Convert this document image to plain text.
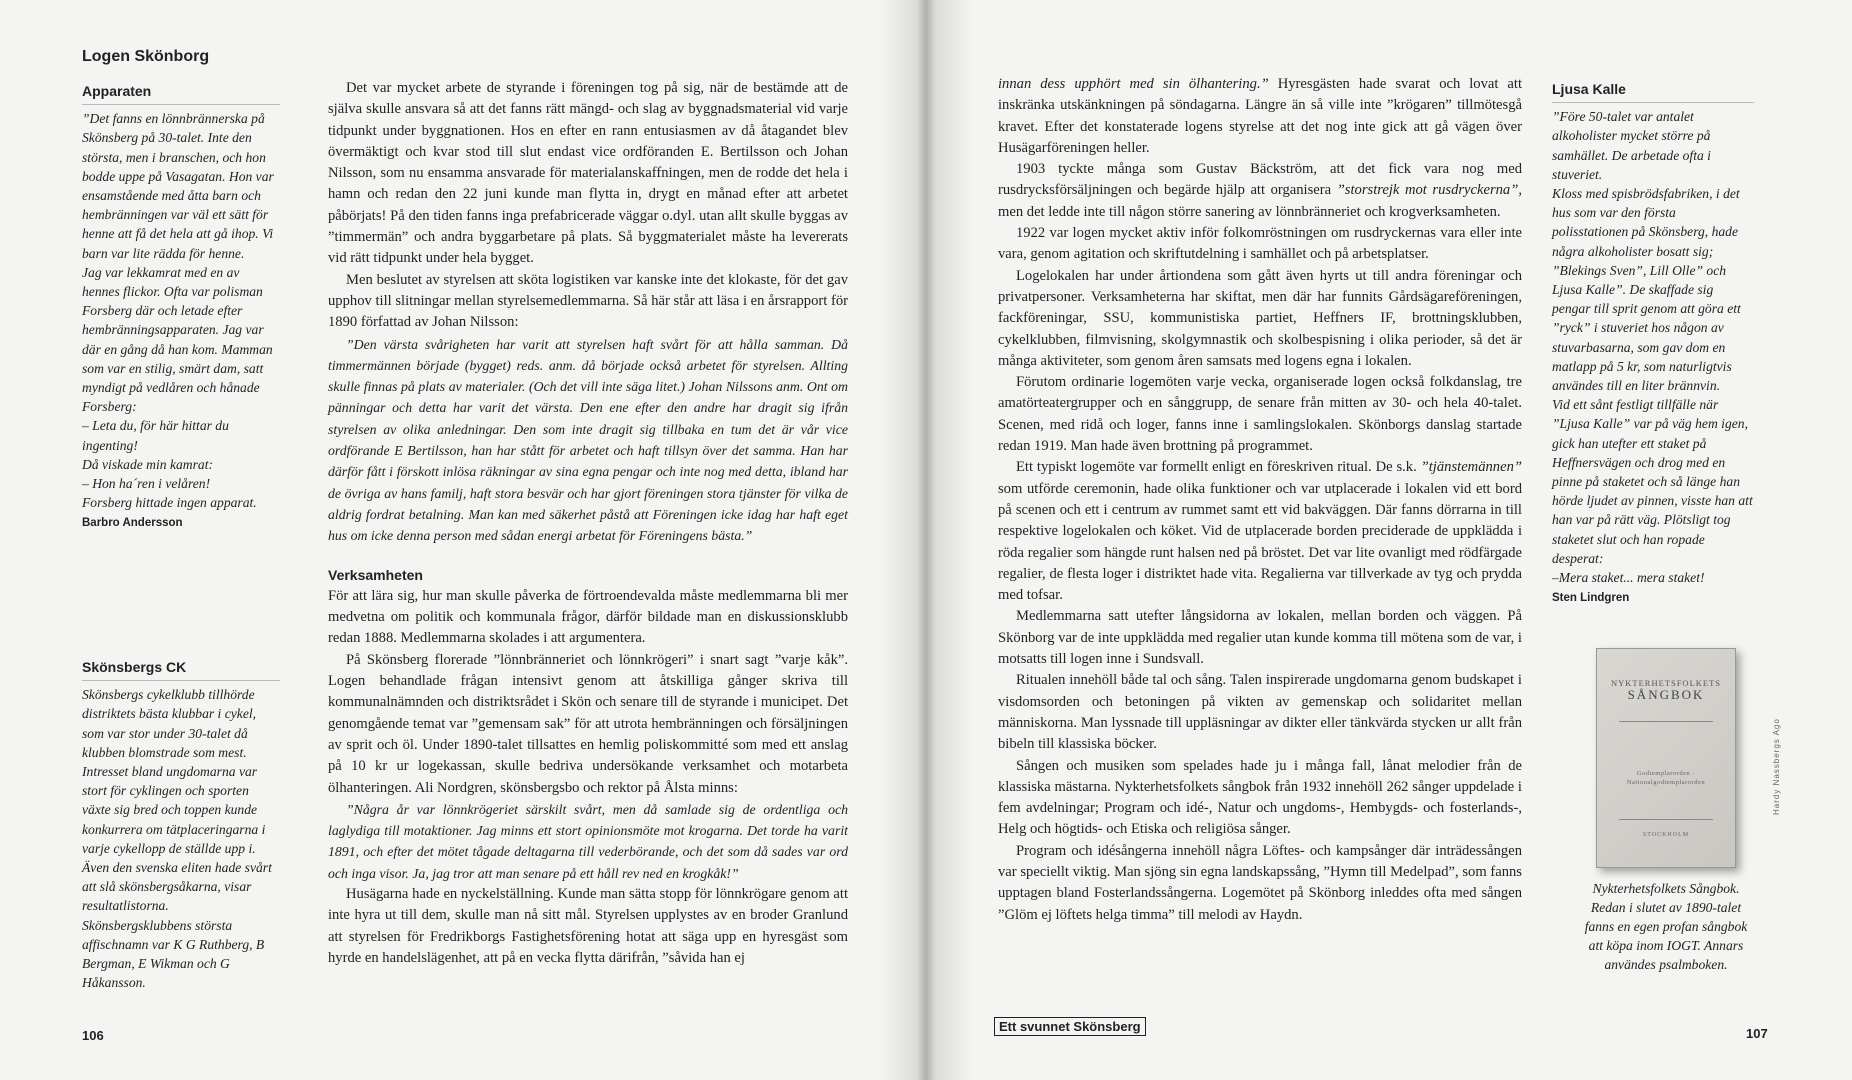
Logen Skönborg
Apparaten

”Det fanns en lönnbrännerska på Skönsberg på 30-talet. Inte den största, men i branschen, och hon bodde uppe på Vasagatan. Hon var ensamstående med åtta barn och hembränningen var väl ett sätt för henne att få det hela att gå ihop. Vi barn var lite rädda för henne.

Jag var lekkamrat med en av hennes flickor. Ofta var polisman Forsberg där och letade efter hembränningsapparaten. Jag var där en gång då han kom. Mamman som var en stilig, smärt dam, satt myndigt på vedlåren och hånade Forsberg:

– Leta du, för här hittar du ingenting!

Då viskade min kamrat:

– Hon ha´ren i velåren!

Forsberg hittade ingen apparat.

Barbro Andersson
Skönsbergs CK

Skönsbergs cykelklubb tillhörde distriktets bästa klubbar i cykel, som var stor under 30-talet då klubben blomstrade som mest. Intresset bland ungdomarna var stort för cyklingen och sporten växte sig bred och toppen kunde konkurrera om tätplaceringarna i varje cykellopp de ställde upp i. Även den svenska eliten hade svårt att slå skönsbergsåkarna, visar resultatlistorna. Skönsbergsklubbens största affischnamn var K G Ruthberg, B Bergman, E Wikman och G Håkansson.

Det var mycket arbete de styrande i föreningen tog på sig, när de bestämde att de själva skulle ansvara så att det fanns rätt mängd- och slag av byggnadsmaterial vid varje tidpunkt under byggnationen. Hos en efter en rann entusiasmen av då åtagandet blev övermäktigt och kvar stod till slut endast vice ordföranden E. Bertilsson och Johan Nilsson, som nu ensamma ansvarade för materialanskaffningen, men de rodde det hela i hamn och redan den 22 juni kunde man flytta in, drygt en månad efter att arbetet påbörjats! På den tiden fanns inga prefabricerade väggar o.dyl. utan allt skulle byggas av ”timmermän” och andra byggarbetare på plats. Så byggmaterialet måste ha levererats vid rätt tidpunkt under hela bygget.

Men beslutet av styrelsen att sköta logistiken var kanske inte det klokaste, för det gav upphov till slitningar mellan styrelsemedlemmarna. Så här står att läsa i en årsrapport för 1890 författad av Johan Nilsson:

”Den värsta svårigheten har varit att styrelsen haft svårt för att hålla samman. Då timmermännen började (bygget) reds. anm. då började också arbetet för styrelsen. Allting skulle finnas på plats av materialer. (Och det vill inte säga litet.) Johan Nilssons anm. Ont om pänningar och detta har varit det värsta. Den ene efter den andre har dragit sig ifrån styrelsen av olika anledningar. Den som inte dragit sig tillbaka en tum det är vår vice ordförande E Bertilsson, han har stått för arbetet och haft tillsyn över det samma. Han har därför fått i förskott inlösa räkningar av sina egna pengar och inte nog med detta, ibland har de övriga av hans familj, haft stora besvär och har gjort föreningen stora tjänster för vilka de aldrig fordrat betalning. Man kan med säkerhet påstå att Föreningen icke idag har haft eget hus om icke denna person med sådan energi arbetat för Föreningens bästa.”

Verksamheten

För att lära sig, hur man skulle påverka de förtroendevalda måste medlemmarna bli mer medvetna om politik och kommunala frågor, därför bildade man en diskussionsklubb redan 1888. Medlemmarna skolades i att argumentera.

På Skönsberg florerade ”lönnbränneriet och lönnkrögeri” i snart sagt ”varje kåk”. Logen behandlade frågan intensivt genom att åtskilliga gånger skriva till kommunalnämnden och distriktsrådet i Skön och senare till de styrande i municipet. Det genomgående temat var ”gemensam sak” för att utrota hembränningen och försäljningen av sprit och öl. Under 1890-talet tillsattes en hemlig poliskommitté som med ett anslag på 10 kr ur logekassan, skulle bedriva undersökande verksamhet och motarbeta ölhanteringen. Ali Nordgren, skönsbergsbo och rektor på Ålsta minns:

”Några år var lönnkrögeriet särskilt svårt, men då samlade sig de ordentliga och laglydiga till motaktioner. Jag minns ett stort opinionsmöte mot krogarna. Det torde ha varit 1891, och efter det mötet tågade deltagarna till vederbörande, och det som då sades var ord och inga visor. Ja, jag tror att man senare på ett håll rev ned en krogkåk!”

Husägarna hade en nyckelställning. Kunde man sätta stopp för lönnkrögare genom att inte hyra ut till dem, skulle man nå sitt mål. Styrelsen upplystes av en broder Granlund att styrelsen för Fredrikborgs Fastighetsförening hotat att säga upp en hyresgäst som hyrde en handelslägenhet, att på en vecka flytta därifrån, ”såvida han ej

106

innan dess upphört med sin ölhantering.” Hyresgästen hade svarat och lovat att inskränka utskänkningen på söndagarna. Längre än så ville inte ”krögaren” tillmötesgå kravet. Efter det konstaterade logens styrelse att det nog inte gick att gå vägen över Husägarföreningen heller.

1903 tyckte många som Gustav Bäckström, att det fick vara nog med rusdrycksförsäljningen och begärde hjälp att organisera ”storstrejk mot rusdryckerna”, men det ledde inte till någon större sanering av lönnbränneriet och krogverksamheten.

1922 var logen mycket aktiv inför folkomröstningen om rusdryckernas vara eller inte vara, genom agitation och skriftutdelning i samhället och på arbetsplatser.

Logelokalen har under årtiondena som gått även hyrts ut till andra föreningar och privatpersoner. Verksamheterna har skiftat, men där har funnits Gårdsägareföreningen, fackföreningar, SSU, kommunistiska partiet, Heffners IF, brottningsklubben, cykelklubben, filmvisning, skolgymnastik och skolbespisning i olika perioder, så det är många aktiviteter, som genom åren samsats med logens egna i lokalen.

Förutom ordinarie logemöten varje vecka, organiserade logen också folkdanslag, tre amatörteatergrupper och en sånggrupp, de senare från mitten av 30- och hela 40-talet. Scenen, med ridå och loger, fanns inne i samlingslokalen. Skönborgs danslag startade redan 1919. Man hade även brottning på programmet.

Ett typiskt logemöte var formellt enligt en föreskriven ritual. De s.k. ”tjänstemännen” som utförde ceremonin, hade olika funktioner och var utplacerade i lokalen vid ett bord på scenen och ett i centrum av rummet samt ett vid bakväggen. Där fanns dörrarna in till respektive logelokalen och köket. Vid de utplacerade borden preciderade de uppklädda i röda regalier som hängde runt halsen ned på bröstet. Det var lite ovanligt med rödfärgade regalier, de flesta loger i distriktet hade vita. Regalierna var tillverkade av tyg och prydda med tofsar.

Medlemmarna satt utefter långsidorna av lokalen, mellan borden och väggen. På Skönborg var de inte uppklädda med regalier utan kunde komma till mötena som de var, i motsatts till logen inne i Sundsvall.

Ritualen innehöll både tal och sång. Talen inspirerade ungdomarna genom budskapet i visdomsorden och betoningen på vikten av gemenskap och solidaritet mellan människorna. Man lyssnade till uppläsningar av dikter eller tänkvärda stycken ur allt från bibeln till klassiska böcker.

Sången och musiken som spelades hade ju i många fall, lånat melodier från de klassiska mästarna. Nykterhetsfolkets sångbok från 1932 innehöll 262 sånger uppdelade i fem avdelningar; Program och idé-, Natur och ungdoms-, Hembygds- och fosterlands-, Helg och högtids- och Etiska och religiösa sånger.

Program och idésångerna innehöll några Löftes- och kampsånger där inträdessången var speciellt viktig. Man sjöng sin egna landskapssång, ”Hymn till Medelpad”, som fanns upptagen bland Fosterlandssångerna. Logemötet på Skönborg inleddes ofta med sången ”Glöm ej löftets helga timma” till melodi av Haydn.

Ljusa Kalle

”Före 50-talet var antalet alkoholister mycket större på samhället. De arbetade ofta i stuveriet.

Kloss med spisbrödsfabriken, i det hus som var den första polisstationen på Skönsberg, hade några alkoholister bosatt sig; ”Blekings Sven”, Lill Olle” och Ljusa Kalle”. De skaffade sig pengar till sprit genom att göra ett ”ryck” i stuveriet hos någon av stuvarbasarna, som gav dom en matlapp på 5 kr, som naturligtvis användes till en liter brännvin.

Vid ett sånt festligt tillfälle när ”Ljusa Kalle” var på väg hem igen, gick han utefter ett staket på Heffnersvägen och drog med en pinne på staketet och så länge han hörde ljudet av pinnen, visste han att han var på rätt väg. Plötsligt tog staketet slut och han ropade desperat:

–Mera staket... mera staket!

Sten Lindgren
107
NYKTERHETSFOLKETS
SÅNGBOK
Godtemplarorden · Nationalgodtemplarorden
STOCKHOLM
Hardy Nassbergs Ago
Nykterhetsfolkets Sångbok. Redan i slutet av 1890-talet fanns en egen profan sångbok att köpa inom IOGT. Annars användes psalmboken.
Ett svunnet Skönsberg
